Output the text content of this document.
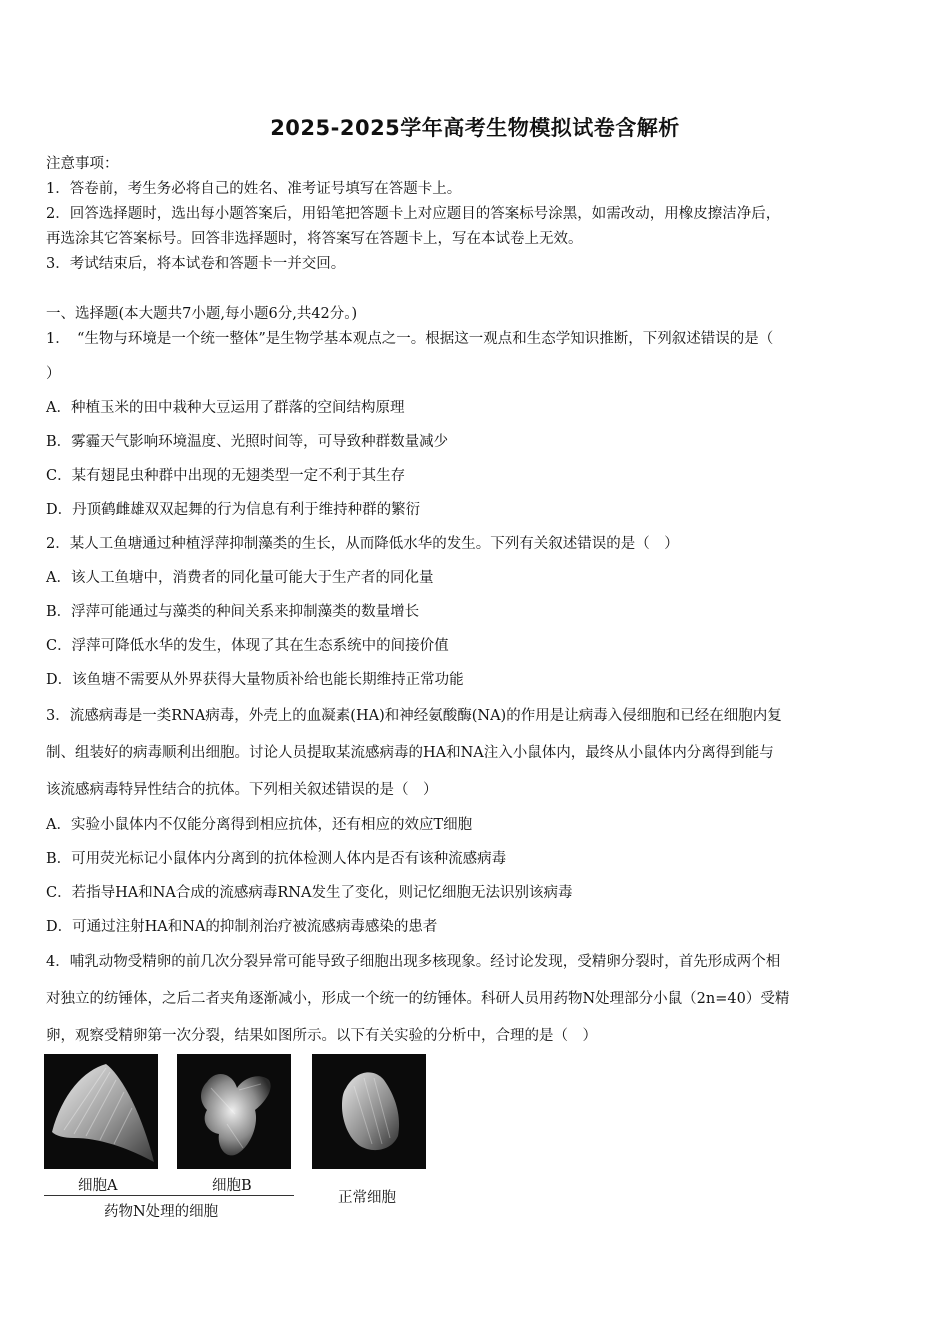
2025-2025学年高考生物模拟试卷含解析
注意事项：
1．答卷前，考生务必将自己的姓名、准考证号填写在答题卡上。
2．回答选择题时，选出每小题答案后，用铅笔把答题卡上对应题目的答案标号涂黑，如需改动，用橡皮擦洁净后，
再选涂其它答案标号。回答非选择题时，将答案写在答题卡上，写在本试卷上无效。
3．考试结束后，将本试卷和答题卡一并交回。
一、选择题(本大题共7小题,每小题6分,共42分。)
1．　“生物与环境是一个统一整体”是生物学基本观点之一。根据这一观点和生态学知识推断，下列叙述错误的是（
）
A．种植玉米的田中栽种大豆运用了群落的空间结构原理
B．雾霾天气影响环境温度、光照时间等，可导致种群数量减少
C．某有翅昆虫种群中出现的无翅类型一定不利于其生存
D．丹顶鹤雌雄双双起舞的行为信息有利于维持种群的繁衍
2．某人工鱼塘通过种植浮萍抑制藻类的生长，从而降低水华的发生。下列有关叙述错误的是（　）
A．该人工鱼塘中，消费者的同化量可能大于生产者的同化量
B．浮萍可能通过与藻类的种间关系来抑制藻类的数量增长
C．浮萍可降低水华的发生，体现了其在生态系统中的间接价值
D．该鱼塘不需要从外界获得大量物质补给也能长期维持正常功能
3．流感病毒是一类RNA病毒，外壳上的血凝素(HA)和神经氨酸酶(NA)的作用是让病毒入侵细胞和已经在细胞内复
制、组装好的病毒顺利出细胞。讨论人员提取某流感病毒的HA和NA注入小鼠体内，最终从小鼠体内分离得到能与
该流感病毒特异性结合的抗体。下列相关叙述错误的是（　）
A．实验小鼠体内不仅能分离得到相应抗体，还有相应的效应T细胞
B．可用荧光标记小鼠体内分离到的抗体检测人体内是否有该种流感病毒
C．若指导HA和NA合成的流感病毒RNA发生了变化，则记忆细胞无法识别该病毒
D．可通过注射HA和NA的抑制剂治疗被流感病毒感染的患者
4．哺乳动物受精卵的前几次分裂异常可能导致子细胞出现多核现象。经讨论发现，受精卵分裂时，首先形成两个相
对独立的纺锤体，之后二者夹角逐渐减小，形成一个统一的纺锤体。科研人员用药物N处理部分小鼠（2n=40）受精
卵，观察受精卵第一次分裂，结果如图所示。以下有关实验的分析中，合理的是（　）
细胞A	细胞B
正常细胞
药物N处理的细胞
